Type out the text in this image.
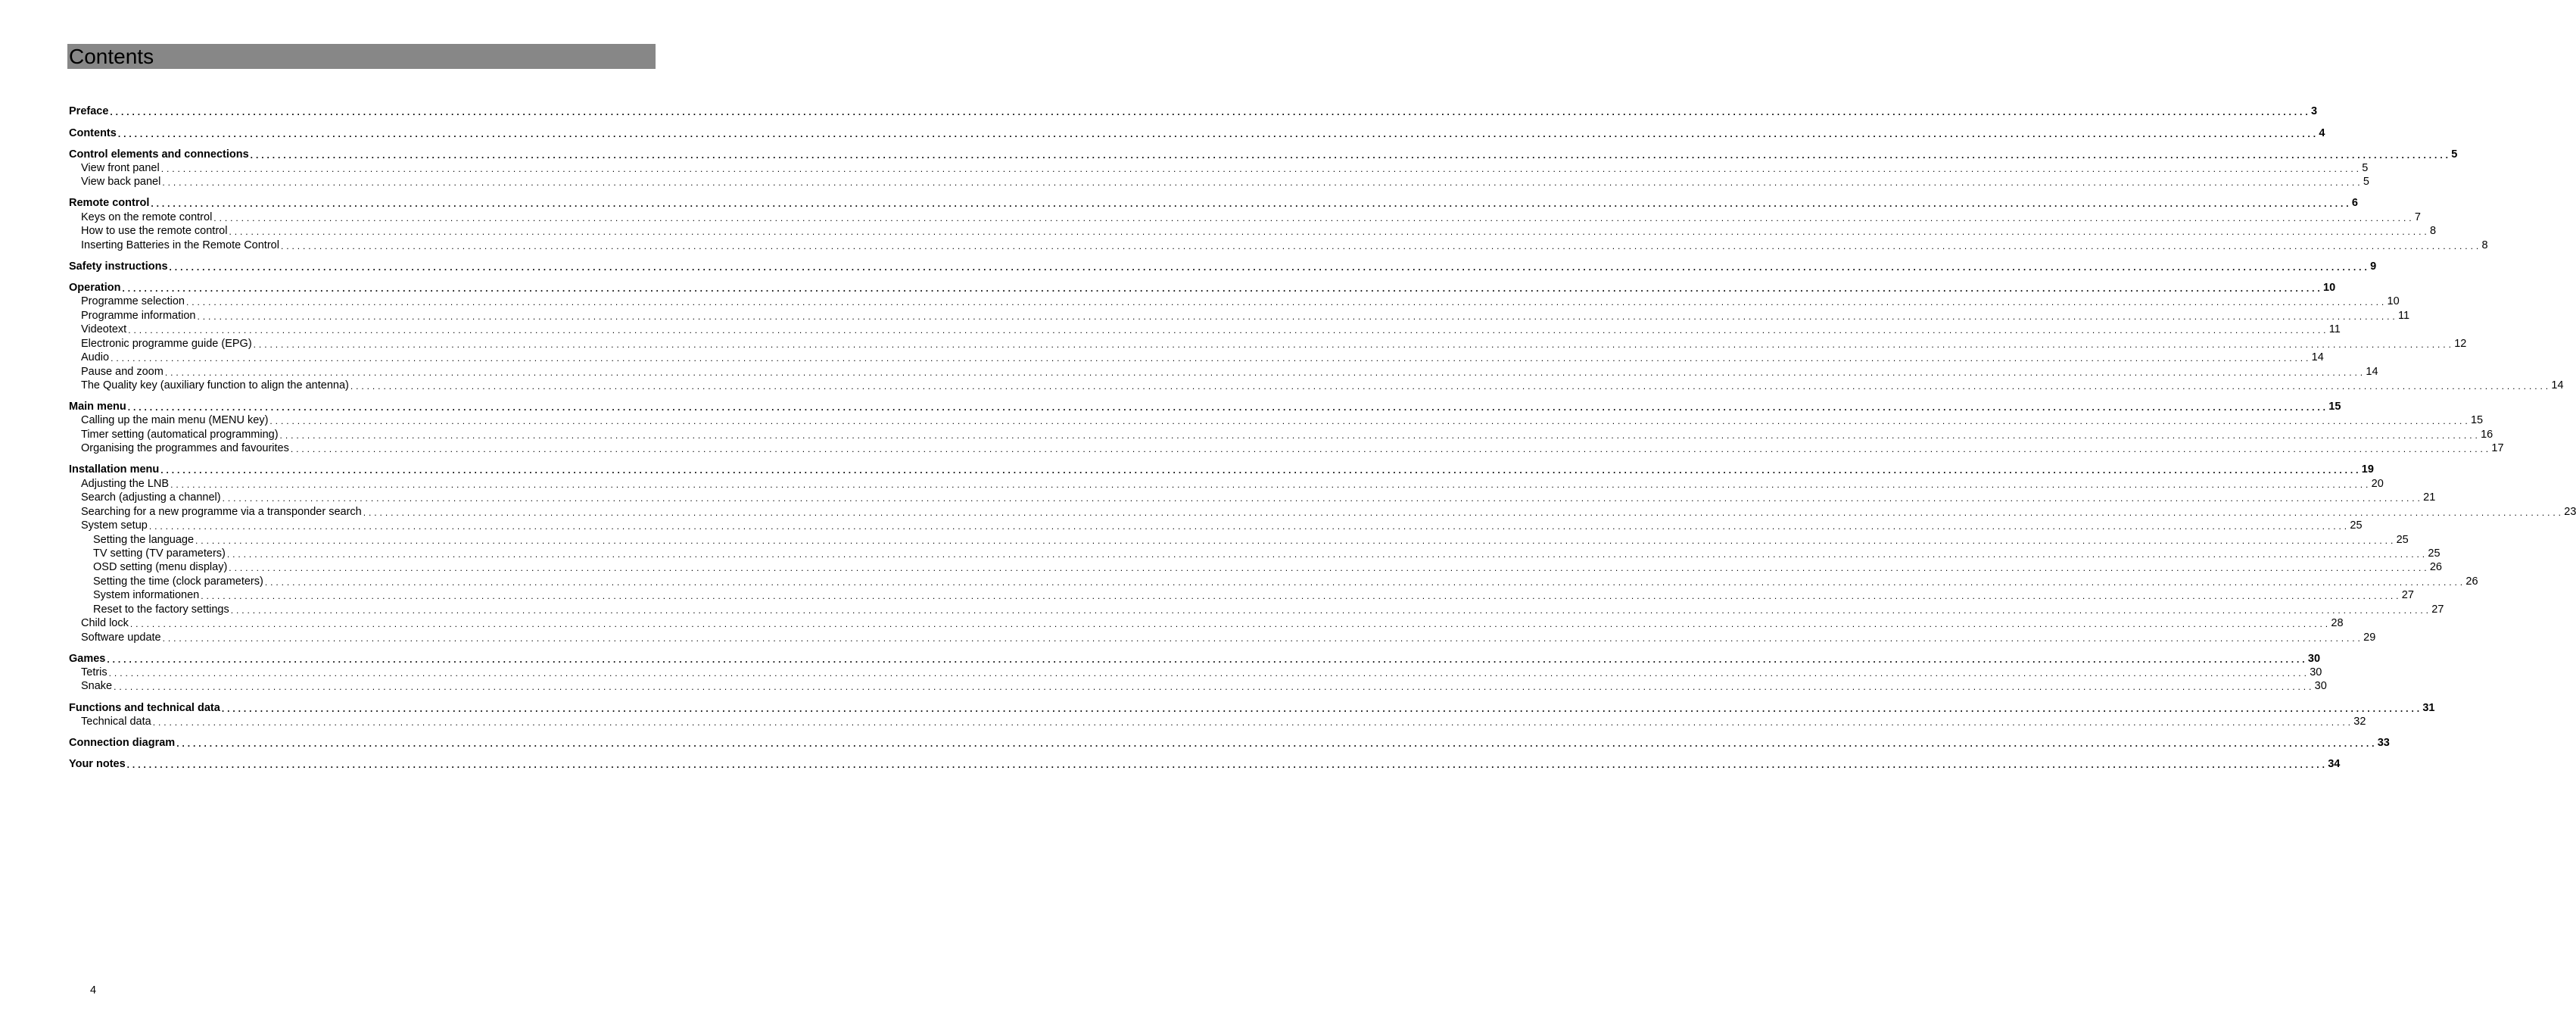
Contents
Preface . . . . . . . . . . . . . . . . . . . . . . . . . . . . . . . . . . . . . . . . . . . . . . . . . . . . . . . . . . . . . . . . . . . . . . . . . . . . . . . . . . . . . . . . . . . . . . . . . . . . . . . . . . . . . . . . . . . . . . . . . . . . . . . . . . . . . . . . . . . . . . . . . . . . . . . . . . . . . . . . . . . . . . . . . . . . . . . . . . . . . . . . . . . . . . . . . . . . . . . . . . . . . . . . . . . . . . . . . . . . . . . . . . . . . . . . . . . . . . . . . . . . . . . . . . . . . . . . . . . . . . . . . . . . . . . . . . . . . . . . . . . . . . . . . . . . . . . . . . . . . . . . . . . . . . . . . . . . . . . . . . . . . . . . . . . . . . . . . . . . . . . . . . . . . . . . . . . . . . . . . . . . . . . . . . . . . . . . . . . . . . . . . . . . . . . . . . . . . . . . 3
Contents . . . . . . . . . . . . . . . . . . . . . . . . . . . . . . . . . . . . . . . . . . . . . . . . . . . . . . . . . . . . . . . . . . . . . . . . . . . . . . . . . . . . . . . . . . . . . . . . . . . . . . . . . . . . . . . . . . . . . . . . . . . . . . . . . . . . . . . . . . . . . . . . . . . . . . . . . . . . . . . . . . . . . . . . . . . . . . . . . . . . . . . . . . . . . . . . . . . . . . . . . . . . . . . . . . . . . . . . . . . . . . . . . . . . . . . . . . . . . . . . . . . . . . . . . . . . . . . . . . . . . . . . . . . . . . . . . . . . . . . . . . . . . . . . . . . . . . . . . . . . . . . . . . . . . . . . . . . . . . . . . . . . . . . . . . . . . . . . . . . . . . . . . . . . . . . . . . . . . . . . . . . . . . . . . . . . . . . . . . . . . . . . . . . . . . . . . . . . . . . . 4
Control elements and connections . . . . . . . . . . . . . . . . . . . . . . . . . . . . . . . . . . . . . . . . . . . . . . . . . . . . . . . . . . . . . . . . . . . . . . . . . . . . . . . . . . . . . . . . . . . . . . . . . . . . . . . . . . . . . . . . . . . . . . . . . . . . . . . . . . . . . . . . . . . . . . . . . . . . . . . . . . . . . . . . . . . . . . . . . . . . . . . . . . . . . . . . . . . . . . . . . . . . . . . . . . . . . . . . . . . . . . . . . . . . . . . . . . . . . . . . . . . . . . . . . . . . . . . . . . . . . . . . . . . . . . . . . . . . . . . . . . . . . . . . . . . . . . . . . . . . . . . . . . . . . . . . . . . . . . . . . . . . . . . . . . . . . . . . . . . . . . . . . . . . . . . . . . . . . . . . . . . . . . . . . . . . . . . . . . . . . . . . . . . . . . . . . . . . . . . . . . . . . . . . 5
View front panel . . . . . . . . . . . . . . . . . . . . . . . . . . . . . . . . . . . . . . . . . . . . . . . . . . . . . . . . . . . . . . . . . . . . . . . . . . . . . . . . . . . . . . . . . . . . . . . . . . . . . . . . . . . . . . . . . . . . . . . . . . . . . . . . . . . . . . . . . . . . . . . . . . . . . . . . . . . . . . . . . . . . . . . . . . . . . . . . . . . . . . . . . . . . . . . . . . . . . . . . . . . . . . . . . . . . . . . . . . . . . . . . . . . . . . . . . . . . . . . . . . . . . . . . . . . . . . . . . . . . . . . . . . . . . . . . . . . . . . . . . . . . . . . . . . . . . . . . . . . . . . . . . . . . . . . . . . . . . . . . . . . . . . . . . . . . . . . . . . . . . . . . . . . . . . . . . . . . . . . . . . . . . . . . . . . . . . . . . . . . . . . . . . . . . . . . . . . . . . . . 5
View back panel . . . . . . . . . . . . . . . . . . . . . . . . . . . . . . . . . . . . . . . . . . . . . . . . . . . . . . . . . . . . . . . . . . . . . . . . . . . . . . . . . . . . . . . . . . . . . . . . . . . . . . . . . . . . . . . . . . . . . . . . . . . . . . . . . . . . . . . . . . . . . . . . . . . . . . . . . . . . . . . . . . . . . . . . . . . . . . . . . . . . . . . . . . . . . . . . . . . . . . . . . . . . . . . . . . . . . . . . . . . . . . . . . . . . . . . . . . . . . . . . . . . . . . . . . . . . . . . . . . . . . . . . . . . . . . . . . . . . . . . . . . . . . . . . . . . . . . . . . . . . . . . . . . . . . . . . . . . . . . . . . . . . . . . . . . . . . . . . . . . . . . . . . . . . . . . . . . . . . . . . . . . . . . . . . . . . . . . . . . . . . . . . . . . . . . . . . . . . . . . . 5
Remote control . . . . . . . . . . . . . . . . . . . . . . . . . . . . . . . . . . . . . . . . . . . . . . . . . . . . . . . . . . . . . . . . . . . . . . . . . . . . . . . . . . . . . . . . . . . . . . . . . . . . . . . . . . . . . . . . . . . . . . . . . . . . . . . . . . . . . . . . . . . . . . . . . . . . . . . . . . . . . . . . . . . . . . . . . . . . . . . . . . . . . . . . . . . . . . . . . . . . . . . . . . . . . . . . . . . . . . . . . . . . . . . . . . . . . . . . . . . . . . . . . . . . . . . . . . . . . . . . . . . . . . . . . . . . . . . . . . . . . . . . . . . . . . . . . . . . . . . . . . . . . . . . . . . . . . . . . . . . . . . . . . . . . . . . . . . . . . . . . . . . . . . . . . . . . . . . . . . . . . . . . . . . . . . . . . . . . . . . . . . . . . . . . . . . . . . . . . . . . . . . 6
Keys on the remote control . . . . . . . . . . . . . . . . . . . . . . . . . . . . . . . . . . . . . . . . . . . . . . . . . . . . . . . . . . . . . . . . . . . . . . . . . . . . . . . . . . . . . . . . . . . . . . . . . . . . . . . . . . . . . . . . . . . . . . . . . . . . . . . . . . . . . . . . . . . . . . . . . . . . . . . . . . . . . . . . . . . . . . . . . . . . . . . . . . . . . . . . . . . . . . . . . . . . . . . . . . . . . . . . . . . . . . . . . . . . . . . . . . . . . . . . . . . . . . . . . . . . . . . . . . . . . . . . . . . . . . . . . . . . . . . . . . . . . . . . . . . . . . . . . . . . . . . . . . . . . . . . . . . . . . . . . . . . . . . . . . . . . . . . . . . . . . . . . . . . . . . . . . . . . . . . . . . . . . . . . . . . . . . . . . . . . . . . . . . . . . . . . . . . . . . . . . . . . . . . 7
How to use the remote control . . . . . . . . . . . . . . . . . . . . . . . . . . . . . . . . . . . . . . . . . . . . . . . . . . . . . . . . . . . . . . . . . . . . . . . . . . . . . . . . . . . . . . . . . . . . . . . . . . . . . . . . . . . . . . . . . . . . . . . . . . . . . . . . . . . . . . . . . . . . . . . . . . . . . . . . . . . . . . . . . . . . . . . . . . . . . . . . . . . . . . . . . . . . . . . . . . . . . . . . . . . . . . . . . . . . . . . . . . . . . . . . . . . . . . . . . . . . . . . . . . . . . . . . . . . . . . . . . . . . . . . . . . . . . . . . . . . . . . . . . . . . . . . . . . . . . . . . . . . . . . . . . . . . . . . . . . . . . . . . . . . . . . . . . . . . . . . . . . . . . . . . . . . . . . . . . . . . . . . . . . . . . . . . . . . . . . . . . . . . . . . . . . . . . . . . . . . . . . . . 8
Inserting Batteries in the Remote Control . . . . . . . . . . . . . . . . . . . . . . . . . . . . . . . . . . . . . . . . . . . . . . . . . . . . . . . . . . . . . . . . . . . . . . . . . . . . . . . . . . . . . . . . . . . . . . . . . . . . . . . . . . . . . . . . . . . . . . . . . . . . . . . . . . . . . . . . . . . . . . . . . . . . . . . . . . . . . . . . . . . . . . . . . . . . . . . . . . . . . . . . . . . . . . . . . . . . . . . . . . . . . . . . . . . . . . . . . . . . . . . . . . . . . . . . . . . . . . . . . . . . . . . . . . . . . . . . . . . . . . . . . . . . . . . . . . . . . . . . . . . . . . . . . . . . . . . . . . . . . . . . . . . . . . . . . . . . . . . . . . . . . . . . . . . . . . . . . . . . . . . . . . . . . . . . . . . . . . . . . . . . . . . . . . . . . . . . . . . . . . . . . . . . . . . . . . . . . . . . 8
Safety instructions . . . . . . . . . . . . . . . . . . . . . . . . . . . . . . . . . . . . . . . . . . . . . . . . . . . . . . . . . . . . . . . . . . . . . . . . . . . . . . . . . . . . . . . . . . . . . . . . . . . . . . . . . . . . . . . . . . . . . . . . . . . . . . . . . . . . . . . . . . . . . . . . . . . . . . . . . . . . . . . . . . . . . . . . . . . . . . . . . . . . . . . . . . . . . . . . . . . . . . . . . . . . . . . . . . . . . . . . . . . . . . . . . . . . . . . . . . . . . . . . . . . . . . . . . . . . . . . . . . . . . . . . . . . . . . . . . . . . . . . . . . . . . . . . . . . . . . . . . . . . . . . . . . . . . . . . . . . . . . . . . . . . . . . . . . . . . . . . . . . . . . . . . . . . . . . . . . . . . . . . . . . . . . . . . . . . . . . . . . . . . . . . . . . . . . . . . . . . . . . . 9
Operation . . . . . . . . . . . . . . . . . . . . . . . . . . . . . . . . . . . . . . . . . . . . . . . . . . . . . . . . . . . . . . . . . . . . . . . . . . . . . . . . . . . . . . . . . . . . . . . . . . . . . . . . . . . . . . . . . . . . . . . . . . . . . . . . . . . . . . . . . . . . . . . . . . . . . . . . . . . . . . . . . . . . . . . . . . . . . . . . . . . . . . . . . . . . . . . . . . . . . . . . . . . . . . . . . . . . . . . . . . . . . . . . . . . . . . . . . . . . . . . . . . . . . . . . . . . . . . . . . . . . . . . . . . . . . . . . . . . . . . . . . . . . . . . . . . . . . . . . . . . . . . . . . . . . . . . . . . . . . . . . . . . . . . . . . . . . . . . . . . . . . . . . . . . . . . . . . . . . . . . . . . . . . . . . . . . . . . . . . . . . . . . . . . . . . . . . . . . . . . . . 10
Programme selection . . . . . . . . . . . . . . . . . . . . . . . . . . . . . . . . . . . . . . . . . . . . . . . . . . . . . . . . . . . . . . . . . . . . . . . . . . . . . . . . . . . . . . . . . . . . . . . . . . . . . . . . . . . . . . . . . . . . . . . . . . . . . . . . . . . . . . . . . . . . . . . . . . . . . . . . . . . . . . . . . . . . . . . . . . . . . . . . . . . . . . . . . . . . . . . . . . . . . . . . . . . . . . . . . . . . . . . . . . . . . . . . . . . . . . . . . . . . . . . . . . . . . . . . . . . . . . . . . . . . . . . . . . . . . . . . . . . . . . . . . . . . . . . . . . . . . . . . . . . . . . . . . . . . . . . . . . . . . . . . . . . . . . . . . . . . . . . . . . . . . . . . . . . . . . . . . . . . . . . . . . . . . . . . . . . . . . . . . . . . . . . . . . . . . . . . . . . . . . . . 10
Programme information . . . . . . . . . . . . . . . . . . . . . . . . . . . . . . . . . . . . . . . . . . . . . . . . . . . . . . . . . . . . . . . . . . . . . . . . . . . . . . . . . . . . . . . . . . . . . . . . . . . . . . . . . . . . . . . . . . . . . . . . . . . . . . . . . . . . . . . . . . . . . . . . . . . . . . . . . . . . . . . . . . . . . . . . . . . . . . . . . . . . . . . . . . . . . . . . . . . . . . . . . . . . . . . . . . . . . . . . . . . . . . . . . . . . . . . . . . . . . . . . . . . . . . . . . . . . . . . . . . . . . . . . . . . . . . . . . . . . . . . . . . . . . . . . . . . . . . . . . . . . . . . . . . . . . . . . . . . . . . . . . . . . . . . . . . . . . . . . . . . . . . . . . . . . . . . . . . . . . . . . . . . . . . . . . . . . . . . . . . . . . . . . . . . . . . . . . . . . . . . . 11
Videotext . . . . . . . . . . . . . . . . . . . . . . . . . . . . . . . . . . . . . . . . . . . . . . . . . . . . . . . . . . . . . . . . . . . . . . . . . . . . . . . . . . . . . . . . . . . . . . . . . . . . . . . . . . . . . . . . . . . . . . . . . . . . . . . . . . . . . . . . . . . . . . . . . . . . . . . . . . . . . . . . . . . . . . . . . . . . . . . . . . . . . . . . . . . . . . . . . . . . . . . . . . . . . . . . . . . . . . . . . . . . . . . . . . . . . . . . . . . . . . . . . . . . . . . . . . . . . . . . . . . . . . . . . . . . . . . . . . . . . . . . . . . . . . . . . . . . . . . . . . . . . . . . . . . . . . . . . . . . . . . . . . . . . . . . . . . . . . . . . . . . . . . . . . . . . . . . . . . . . . . . . . . . . . . . . . . . . . . . . . . . . . . . . . . . . . . . . . . . . . . . 11
Electronic programme guide (EPG) . . . . . . . . . . . . . . . . . . . . . . . . . . . . . . . . . . . . . . . . . . . . . . . . . . . . . . . . . . . . . . . . . . . . . . . . . . . . . . . . . . . . . . . . . . . . . . . . . . . . . . . . . . . . . . . . . . . . . . . . . . . . . . . . . . . . . . . . . . . . . . . . . . . . . . . . . . . . . . . . . . . . . . . . . . . . . . . . . . . . . . . . . . . . . . . . . . . . . . . . . . . . . . . . . . . . . . . . . . . . . . . . . . . . . . . . . . . . . . . . . . . . . . . . . . . . . . . . . . . . . . . . . . . . . . . . . . . . . . . . . . . . . . . . . . . . . . . . . . . . . . . . . . . . . . . . . . . . . . . . . . . . . . . . . . . . . . . . . . . . . . . . . . . . . . . . . . . . . . . . . . . . . . . . . . . . . . . . . . . . . . . . . . . . . . . . . . . . . . . . 12
Audio . . . . . . . . . . . . . . . . . . . . . . . . . . . . . . . . . . . . . . . . . . . . . . . . . . . . . . . . . . . . . . . . . . . . . . . . . . . . . . . . . . . . . . . . . . . . . . . . . . . . . . . . . . . . . . . . . . . . . . . . . . . . . . . . . . . . . . . . . . . . . . . . . . . . . . . . . . . . . . . . . . . . . . . . . . . . . . . . . . . . . . . . . . . . . . . . . . . . . . . . . . . . . . . . . . . . . . . . . . . . . . . . . . . . . . . . . . . . . . . . . . . . . . . . . . . . . . . . . . . . . . . . . . . . . . . . . . . . . . . . . . . . . . . . . . . . . . . . . . . . . . . . . . . . . . . . . . . . . . . . . . . . . . . . . . . . . . . . . . . . . . . . . . . . . . . . . . . . . . . . . . . . . . . . . . . . . . . . . . . . . . . . . . . . . . . . . . . . . . . . 14
Pause and zoom . . . . . . . . . . . . . . . . . . . . . . . . . . . . . . . . . . . . . . . . . . . . . . . . . . . . . . . . . . . . . . . . . . . . . . . . . . . . . . . . . . . . . . . . . . . . . . . . . . . . . . . . . . . . . . . . . . . . . . . . . . . . . . . . . . . . . . . . . . . . . . . . . . . . . . . . . . . . . . . . . . . . . . . . . . . . . . . . . . . . . . . . . . . . . . . . . . . . . . . . . . . . . . . . . . . . . . . . . . . . . . . . . . . . . . . . . . . . . . . . . . . . . . . . . . . . . . . . . . . . . . . . . . . . . . . . . . . . . . . . . . . . . . . . . . . . . . . . . . . . . . . . . . . . . . . . . . . . . . . . . . . . . . . . . . . . . . . . . . . . . . . . . . . . . . . . . . . . . . . . . . . . . . . . . . . . . . . . . . . . . . . . . . . . . . . . . . . . . . . . 14
The Quality key (auxiliary function to align the antenna) . . . . . . . . . . . . . . . . . . . . . . . . . . . . . . . . . . . . . . . . . . . . . . . . . . . . . . . . . . . . . . . . . . . . . . . . . . . . . . . . . . . . . . . . . . . . . . . . . . . . . . . . . . . . . . . . . . . . . . . . . . . . . . . . . . . . . . . . . . . . . . . . . . . . . . . . . . . . . . . . . . . . . . . . . . . . . . . . . . . . . . . . . . . . . . . . . . . . . . . . . . . . . . . . . . . . . . . . . . . . . . . . . . . . . . . . . . . . . . . . . . . . . . . . . . . . . . . . . . . . . . . . . . . . . . . . . . . . . . . . . . . . . . . . . . . . . . . . . . . . . . . . . . . . . . . . . . . . . . . . . . . . . . . . . . . . . . . . . . . . . . . . . . . . . . . . . . . . . . . . . . . . . . . . . . . . . . . . . . . . . . . . . . . . . . . . . . . . . . . . 14
Main menu . . . . . . . . . . . . . . . . . . . . . . . . . . . . . . . . . . . . . . . . . . . . . . . . . . . . . . . . . . . . . . . . . . . . . . . . . . . . . . . . . . . . . . . . . . . . . . . . . . . . . . . . . . . . . . . . . . . . . . . . . . . . . . . . . . . . . . . . . . . . . . . . . . . . . . . . . . . . . . . . . . . . . . . . . . . . . . . . . . . . . . . . . . . . . . . . . . . . . . . . . . . . . . . . . . . . . . . . . . . . . . . . . . . . . . . . . . . . . . . . . . . . . . . . . . . . . . . . . . . . . . . . . . . . . . . . . . . . . . . . . . . . . . . . . . . . . . . . . . . . . . . . . . . . . . . . . . . . . . . . . . . . . . . . . . . . . . . . . . . . . . . . . . . . . . . . . . . . . . . . . . . . . . . . . . . . . . . . . . . . . . . . . . . . . . . . . . . . . . . . 15
Calling up the main menu (MENU key) . . . . . . . . . . . . . . . . . . . . . . . . . . . . . . . . . . . . . . . . . . . . . . . . . . . . . . . . . . . . . . . . . . . . . . . . . . . . . . . . . . . . . . . . . . . . . . . . . . . . . . . . . . . . . . . . . . . . . . . . . . . . . . . . . . . . . . . . . . . . . . . . . . . . . . . . . . . . . . . . . . . . . . . . . . . . . . . . . . . . . . . . . . . . . . . . . . . . . . . . . . . . . . . . . . . . . . . . . . . . . . . . . . . . . . . . . . . . . . . . . . . . . . . . . . . . . . . . . . . . . . . . . . . . . . . . . . . . . . . . . . . . . . . . . . . . . . . . . . . . . . . . . . . . . . . . . . . . . . . . . . . . . . . . . . . . . . . . . . . . . . . . . . . . . . . . . . . . . . . . . . . . . . . . . . . . . . . . . . . . . . . . . . . . . . . . . . . . . . . . 15
Timer setting (automatical programming) . . . . . . . . . . . . . . . . . . . . . . . . . . . . . . . . . . . . . . . . . . . . . . . . . . . . . . . . . . . . . . . . . . . . . . . . . . . . . . . . . . . . . . . . . . . . . . . . . . . . . . . . . . . . . . . . . . . . . . . . . . . . . . . . . . . . . . . . . . . . . . . . . . . . . . . . . . . . . . . . . . . . . . . . . . . . . . . . . . . . . . . . . . . . . . . . . . . . . . . . . . . . . . . . . . . . . . . . . . . . . . . . . . . . . . . . . . . . . . . . . . . . . . . . . . . . . . . . . . . . . . . . . . . . . . . . . . . . . . . . . . . . . . . . . . . . . . . . . . . . . . . . . . . . . . . . . . . . . . . . . . . . . . . . . . . . . . . . . . . . . . . . . . . . . . . . . . . . . . . . . . . . . . . . . . . . . . . . . . . . . . . . . . . . . . . . . . . . . . . . 16
Organising the programmes and favourites . . . . . . . . . . . . . . . . . . . . . . . . . . . . . . . . . . . . . . . . . . . . . . . . . . . . . . . . . . . . . . . . . . . . . . . . . . . . . . . . . . . . . . . . . . . . . . . . . . . . . . . . . . . . . . . . . . . . . . . . . . . . . . . . . . . . . . . . . . . . . . . . . . . . . . . . . . . . . . . . . . . . . . . . . . . . . . . . . . . . . . . . . . . . . . . . . . . . . . . . . . . . . . . . . . . . . . . . . . . . . . . . . . . . . . . . . . . . . . . . . . . . . . . . . . . . . . . . . . . . . . . . . . . . . . . . . . . . . . . . . . . . . . . . . . . . . . . . . . . . . . . . . . . . . . . . . . . . . . . . . . . . . . . . . . . . . . . . . . . . . . . . . . . . . . . . . . . . . . . . . . . . . . . . . . . . . . . . . . . . . . . . . . . . . . . . . . . . . . . . 17
Installation menu . . . . . . . . . . . . . . . . . . . . . . . . . . . . . . . . . . . . . . . . . . . . . . . . . . . . . . . . . . . . . . . . . . . . . . . . . . . . . . . . . . . . . . . . . . . . . . . . . . . . . . . . . . . . . . . . . . . . . . . . . . . . . . . . . . . . . . . . . . . . . . . . . . . . . . . . . . . . . . . . . . . . . . . . . . . . . . . . . . . . . . . . . . . . . . . . . . . . . . . . . . . . . . . . . . . . . . . . . . . . . . . . . . . . . . . . . . . . . . . . . . . . . . . . . . . . . . . . . . . . . . . . . . . . . . . . . . . . . . . . . . . . . . . . . . . . . . . . . . . . . . . . . . . . . . . . . . . . . . . . . . . . . . . . . . . . . . . . . . . . . . . . . . . . . . . . . . . . . . . . . . . . . . . . . . . . . . . . . . . . . . . . . . . . . . . . . . . . . . . . 19
Adjusting the LNB . . . . . . . . . . . . . . . . . . . . . . . . . . . . . . . . . . . . . . . . . . . . . . . . . . . . . . . . . . . . . . . . . . . . . . . . . . . . . . . . . . . . . . . . . . . . . . . . . . . . . . . . . . . . . . . . . . . . . . . . . . . . . . . . . . . . . . . . . . . . . . . . . . . . . . . . . . . . . . . . . . . . . . . . . . . . . . . . . . . . . . . . . . . . . . . . . . . . . . . . . . . . . . . . . . . . . . . . . . . . . . . . . . . . . . . . . . . . . . . . . . . . . . . . . . . . . . . . . . . . . . . . . . . . . . . . . . . . . . . . . . . . . . . . . . . . . . . . . . . . . . . . . . . . . . . . . . . . . . . . . . . . . . . . . . . . . . . . . . . . . . . . . . . . . . . . . . . . . . . . . . . . . . . . . . . . . . . . . . . . . . . . . . . . . . . . . . . . . . . . 20
Search (adjusting a channel) . . . . . . . . . . . . . . . . . . . . . . . . . . . . . . . . . . . . . . . . . . . . . . . . . . . . . . . . . . . . . . . . . . . . . . . . . . . . . . . . . . . . . . . . . . . . . . . . . . . . . . . . . . . . . . . . . . . . . . . . . . . . . . . . . . . . . . . . . . . . . . . . . . . . . . . . . . . . . . . . . . . . . . . . . . . . . . . . . . . . . . . . . . . . . . . . . . . . . . . . . . . . . . . . . . . . . . . . . . . . . . . . . . . . . . . . . . . . . . . . . . . . . . . . . . . . . . . . . . . . . . . . . . . . . . . . . . . . . . . . . . . . . . . . . . . . . . . . . . . . . . . . . . . . . . . . . . . . . . . . . . . . . . . . . . . . . . . . . . . . . . . . . . . . . . . . . . . . . . . . . . . . . . . . . . . . . . . . . . . . . . . . . . . . . . . . . . . . . . . . 21
Searching for a new programme via a transponder search . . . . . . . . . . . . . . . . . . . . . . . . . . . . . . . . . . . . . . . . . . . . . . . . . . . . . . . . . . . . . . . . . . . . . . . . . . . . . . . . . . . . . . . . . . . . . . . . . . . . . . . . . . . . . . . . . . . . . . . . . . . . . . . . . . . . . . . . . . . . . . . . . . . . . . . . . . . . . . . . . . . . . . . . . . . . . . . . . . . . . . . . . . . . . . . . . . . . . . . . . . . . . . . . . . . . . . . . . . . . . . . . . . . . . . . . . . . . . . . . . . . . . . . . . . . . . . . . . . . . . . . . . . . . . . . . . . . . . . . . . . . . . . . . . . . . . . . . . . . . . . . . . . . . . . . . . . . . . . . . . . . . . . . . . . . . . . . . . . . . . . . . . . . . . . . . . . . . . . . . . . . . . . . . . . . . . . . . . . . . . . . . . . . . . . . . . . . . . . . . 23
System setup . . . . . . . . . . . . . . . . . . . . . . . . . . . . . . . . . . . . . . . . . . . . . . . . . . . . . . . . . . . . . . . . . . . . . . . . . . . . . . . . . . . . . . . . . . . . . . . . . . . . . . . . . . . . . . . . . . . . . . . . . . . . . . . . . . . . . . . . . . . . . . . . . . . . . . . . . . . . . . . . . . . . . . . . . . . . . . . . . . . . . . . . . . . . . . . . . . . . . . . . . . . . . . . . . . . . . . . . . . . . . . . . . . . . . . . . . . . . . . . . . . . . . . . . . . . . . . . . . . . . . . . . . . . . . . . . . . . . . . . . . . . . . . . . . . . . . . . . . . . . . . . . . . . . . . . . . . . . . . . . . . . . . . . . . . . . . . . . . . . . . . . . . . . . . . . . . . . . . . . . . . . . . . . . . . . . . . . . . . . . . . . . . . . . . . . . . . . . . . . . 25
Setting the language . . . . . . . . . . . . . . . . . . . . . . . . . . . . . . . . . . . . . . . . . . . . . . . . . . . . . . . . . . . . . . . . . . . . . . . . . . . . . . . . . . . . . . . . . . . . . . . . . . . . . . . . . . . . . . . . . . . . . . . . . . . . . . . . . . . . . . . . . . . . . . . . . . . . . . . . . . . . . . . . . . . . . . . . . . . . . . . . . . . . . . . . . . . . . . . . . . . . . . . . . . . . . . . . . . . . . . . . . . . . . . . . . . . . . . . . . . . . . . . . . . . . . . . . . . . . . . . . . . . . . . . . . . . . . . . . . . . . . . . . . . . . . . . . . . . . . . . . . . . . . . . . . . . . . . . . . . . . . . . . . . . . . . . . . . . . . . . . . . . . . . . . . . . . . . . . . . . . . . . . . . . . . . . . . . . . . . . . . . . . . . . . . . . . . . . . . . . . . . . . 25
TV setting (TV parameters) . . . . . . . . . . . . . . . . . . . . . . . . . . . . . . . . . . . . . . . . . . . . . . . . . . . . . . . . . . . . . . . . . . . . . . . . . . . . . . . . . . . . . . . . . . . . . . . . . . . . . . . . . . . . . . . . . . . . . . . . . . . . . . . . . . . . . . . . . . . . . . . . . . . . . . . . . . . . . . . . . . . . . . . . . . . . . . . . . . . . . . . . . . . . . . . . . . . . . . . . . . . . . . . . . . . . . . . . . . . . . . . . . . . . . . . . . . . . . . . . . . . . . . . . . . . . . . . . . . . . . . . . . . . . . . . . . . . . . . . . . . . . . . . . . . . . . . . . . . . . . . . . . . . . . . . . . . . . . . . . . . . . . . . . . . . . . . . . . . . . . . . . . . . . . . . . . . . . . . . . . . . . . . . . . . . . . . . . . . . . . . . . . . . . . . . . . . . . . . . . 25
OSD setting (menu display) . . . . . . . . . . . . . . . . . . . . . . . . . . . . . . . . . . . . . . . . . . . . . . . . . . . . . . . . . . . . . . . . . . . . . . . . . . . . . . . . . . . . . . . . . . . . . . . . . . . . . . . . . . . . . . . . . . . . . . . . . . . . . . . . . . . . . . . . . . . . . . . . . . . . . . . . . . . . . . . . . . . . . . . . . . . . . . . . . . . . . . . . . . . . . . . . . . . . . . . . . . . . . . . . . . . . . . . . . . . . . . . . . . . . . . . . . . . . . . . . . . . . . . . . . . . . . . . . . . . . . . . . . . . . . . . . . . . . . . . . . . . . . . . . . . . . . . . . . . . . . . . . . . . . . . . . . . . . . . . . . . . . . . . . . . . . . . . . . . . . . . . . . . . . . . . . . . . . . . . . . . . . . . . . . . . . . . . . . . . . . . . . . . . . . . . . . . . . . . . . 26
Setting the time (clock parameters) . . . . . . . . . . . . . . . . . . . . . . . . . . . . . . . . . . . . . . . . . . . . . . . . . . . . . . . . . . . . . . . . . . . . . . . . . . . . . . . . . . . . . . . . . . . . . . . . . . . . . . . . . . . . . . . . . . . . . . . . . . . . . . . . . . . . . . . . . . . . . . . . . . . . . . . . . . . . . . . . . . . . . . . . . . . . . . . . . . . . . . . . . . . . . . . . . . . . . . . . . . . . . . . . . . . . . . . . . . . . . . . . . . . . . . . . . . . . . . . . . . . . . . . . . . . . . . . . . . . . . . . . . . . . . . . . . . . . . . . . . . . . . . . . . . . . . . . . . . . . . . . . . . . . . . . . . . . . . . . . . . . . . . . . . . . . . . . . . . . . . . . . . . . . . . . . . . . . . . . . . . . . . . . . . . . . . . . . . . . . . . . . . . . . . . . . . . . . . . . . 26
System informationen . . . . . . . . . . . . . . . . . . . . . . . . . . . . . . . . . . . . . . . . . . . . . . . . . . . . . . . . . . . . . . . . . . . . . . . . . . . . . . . . . . . . . . . . . . . . . . . . . . . . . . . . . . . . . . . . . . . . . . . . . . . . . . . . . . . . . . . . . . . . . . . . . . . . . . . . . . . . . . . . . . . . . . . . . . . . . . . . . . . . . . . . . . . . . . . . . . . . . . . . . . . . . . . . . . . . . . . . . . . . . . . . . . . . . . . . . . . . . . . . . . . . . . . . . . . . . . . . . . . . . . . . . . . . . . . . . . . . . . . . . . . . . . . . . . . . . . . . . . . . . . . . . . . . . . . . . . . . . . . . . . . . . . . . . . . . . . . . . . . . . . . . . . . . . . . . . . . . . . . . . . . . . . . . . . . . . . . . . . . . . . . . . . . . . . . . . . . . . . . . 27
Reset to the factory settings . . . . . . . . . . . . . . . . . . . . . . . . . . . . . . . . . . . . . . . . . . . . . . . . . . . . . . . . . . . . . . . . . . . . . . . . . . . . . . . . . . . . . . . . . . . . . . . . . . . . . . . . . . . . . . . . . . . . . . . . . . . . . . . . . . . . . . . . . . . . . . . . . . . . . . . . . . . . . . . . . . . . . . . . . . . . . . . . . . . . . . . . . . . . . . . . . . . . . . . . . . . . . . . . . . . . . . . . . . . . . . . . . . . . . . . . . . . . . . . . . . . . . . . . . . . . . . . . . . . . . . . . . . . . . . . . . . . . . . . . . . . . . . . . . . . . . . . . . . . . . . . . . . . . . . . . . . . . . . . . . . . . . . . . . . . . . . . . . . . . . . . . . . . . . . . . . . . . . . . . . . . . . . . . . . . . . . . . . . . . . . . . . . . . . . . . . . . . . . . . 27
Child lock . . . . . . . . . . . . . . . . . . . . . . . . . . . . . . . . . . . . . . . . . . . . . . . . . . . . . . . . . . . . . . . . . . . . . . . . . . . . . . . . . . . . . . . . . . . . . . . . . . . . . . . . . . . . . . . . . . . . . . . . . . . . . . . . . . . . . . . . . . . . . . . . . . . . . . . . . . . . . . . . . . . . . . . . . . . . . . . . . . . . . . . . . . . . . . . . . . . . . . . . . . . . . . . . . . . . . . . . . . . . . . . . . . . . . . . . . . . . . . . . . . . . . . . . . . . . . . . . . . . . . . . . . . . . . . . . . . . . . . . . . . . . . . . . . . . . . . . . . . . . . . . . . . . . . . . . . . . . . . . . . . . . . . . . . . . . . . . . . . . . . . . . . . . . . . . . . . . . . . . . . . . . . . . . . . . . . . . . . . . . . . . . . . . . . . . . . . . . . . . . 28
Software update . . . . . . . . . . . . . . . . . . . . . . . . . . . . . . . . . . . . . . . . . . . . . . . . . . . . . . . . . . . . . . . . . . . . . . . . . . . . . . . . . . . . . . . . . . . . . . . . . . . . . . . . . . . . . . . . . . . . . . . . . . . . . . . . . . . . . . . . . . . . . . . . . . . . . . . . . . . . . . . . . . . . . . . . . . . . . . . . . . . . . . . . . . . . . . . . . . . . . . . . . . . . . . . . . . . . . . . . . . . . . . . . . . . . . . . . . . . . . . . . . . . . . . . . . . . . . . . . . . . . . . . . . . . . . . . . . . . . . . . . . . . . . . . . . . . . . . . . . . . . . . . . . . . . . . . . . . . . . . . . . . . . . . . . . . . . . . . . . . . . . . . . . . . . . . . . . . . . . . . . . . . . . . . . . . . . . . . . . . . . . . . . . . . . . . . . . . . . . . . . 29
Games . . . . . . . . . . . . . . . . . . . . . . . . . . . . . . . . . . . . . . . . . . . . . . . . . . . . . . . . . . . . . . . . . . . . . . . . . . . . . . . . . . . . . . . . . . . . . . . . . . . . . . . . . . . . . . . . . . . . . . . . . . . . . . . . . . . . . . . . . . . . . . . . . . . . . . . . . . . . . . . . . . . . . . . . . . . . . . . . . . . . . . . . . . . . . . . . . . . . . . . . . . . . . . . . . . . . . . . . . . . . . . . . . . . . . . . . . . . . . . . . . . . . . . . . . . . . . . . . . . . . . . . . . . . . . . . . . . . . . . . . . . . . . . . . . . . . . . . . . . . . . . . . . . . . . . . . . . . . . . . . . . . . . . . . . . . . . . . . . . . . . . . . . . . . . . . . . . . . . . . . . . . . . . . . . . . . . . . . . . . . . . . . . . . . . . . . . . . . . . . . 30
Tetris . . . . . . . . . . . . . . . . . . . . . . . . . . . . . . . . . . . . . . . . . . . . . . . . . . . . . . . . . . . . . . . . . . . . . . . . . . . . . . . . . . . . . . . . . . . . . . . . . . . . . . . . . . . . . . . . . . . . . . . . . . . . . . . . . . . . . . . . . . . . . . . . . . . . . . . . . . . . . . . . . . . . . . . . . . . . . . . . . . . . . . . . . . . . . . . . . . . . . . . . . . . . . . . . . . . . . . . . . . . . . . . . . . . . . . . . . . . . . . . . . . . . . . . . . . . . . . . . . . . . . . . . . . . . . . . . . . . . . . . . . . . . . . . . . . . . . . . . . . . . . . . . . . . . . . . . . . . . . . . . . . . . . . . . . . . . . . . . . . . . . . . . . . . . . . . . . . . . . . . . . . . . . . . . . . . . . . . . . . . . . . . . . . . . . . . . . . . . . . . . 30
Snake . . . . . . . . . . . . . . . . . . . . . . . . . . . . . . . . . . . . . . . . . . . . . . . . . . . . . . . . . . . . . . . . . . . . . . . . . . . . . . . . . . . . . . . . . . . . . . . . . . . . . . . . . . . . . . . . . . . . . . . . . . . . . . . . . . . . . . . . . . . . . . . . . . . . . . . . . . . . . . . . . . . . . . . . . . . . . . . . . . . . . . . . . . . . . . . . . . . . . . . . . . . . . . . . . . . . . . . . . . . . . . . . . . . . . . . . . . . . . . . . . . . . . . . . . . . . . . . . . . . . . . . . . . . . . . . . . . . . . . . . . . . . . . . . . . . . . . . . . . . . . . . . . . . . . . . . . . . . . . . . . . . . . . . . . . . . . . . . . . . . . . . . . . . . . . . . . . . . . . . . . . . . . . . . . . . . . . . . . . . . . . . . . . . . . . . . . . . . . . . . 30
Functions and technical data . . . . . . . . . . . . . . . . . . . . . . . . . . . . . . . . . . . . . . . . . . . . . . . . . . . . . . . . . . . . . . . . . . . . . . . . . . . . . . . . . . . . . . . . . . . . . . . . . . . . . . . . . . . . . . . . . . . . . . . . . . . . . . . . . . . . . . . . . . . . . . . . . . . . . . . . . . . . . . . . . . . . . . . . . . . . . . . . . . . . . . . . . . . . . . . . . . . . . . . . . . . . . . . . . . . . . . . . . . . . . . . . . . . . . . . . . . . . . . . . . . . . . . . . . . . . . . . . . . . . . . . . . . . . . . . . . . . . . . . . . . . . . . . . . . . . . . . . . . . . . . . . . . . . . . . . . . . . . . . . . . . . . . . . . . . . . . . . . . . . . . . . . . . . . . . . . . . . . . . . . . . . . . . . . . . . . . . . . . . . . . . . . . . . . . . . . . . . . . . . 31
Technical data . . . . . . . . . . . . . . . . . . . . . . . . . . . . . . . . . . . . . . . . . . . . . . . . . . . . . . . . . . . . . . . . . . . . . . . . . . . . . . . . . . . . . . . . . . . . . . . . . . . . . . . . . . . . . . . . . . . . . . . . . . . . . . . . . . . . . . . . . . . . . . . . . . . . . . . . . . . . . . . . . . . . . . . . . . . . . . . . . . . . . . . . . . . . . . . . . . . . . . . . . . . . . . . . . . . . . . . . . . . . . . . . . . . . . . . . . . . . . . . . . . . . . . . . . . . . . . . . . . . . . . . . . . . . . . . . . . . . . . . . . . . . . . . . . . . . . . . . . . . . . . . . . . . . . . . . . . . . . . . . . . . . . . . . . . . . . . . . . . . . . . . . . . . . . . . . . . . . . . . . . . . . . . . . . . . . . . . . . . . . . . . . . . . . . . . . . . . . . . . . 32
Connection diagram . . . . . . . . . . . . . . . . . . . . . . . . . . . . . . . . . . . . . . . . . . . . . . . . . . . . . . . . . . . . . . . . . . . . . . . . . . . . . . . . . . . . . . . . . . . . . . . . . . . . . . . . . . . . . . . . . . . . . . . . . . . . . . . . . . . . . . . . . . . . . . . . . . . . . . . . . . . . . . . . . . . . . . . . . . . . . . . . . . . . . . . . . . . . . . . . . . . . . . . . . . . . . . . . . . . . . . . . . . . . . . . . . . . . . . . . . . . . . . . . . . . . . . . . . . . . . . . . . . . . . . . . . . . . . . . . . . . . . . . . . . . . . . . . . . . . . . . . . . . . . . . . . . . . . . . . . . . . . . . . . . . . . . . . . . . . . . . . . . . . . . . . . . . . . . . . . . . . . . . . . . . . . . . . . . . . . . . . . . . . . . . . . . . . . . . . . . . . . . . . 33
Your notes . . . . . . . . . . . . . . . . . . . . . . . . . . . . . . . . . . . . . . . . . . . . . . . . . . . . . . . . . . . . . . . . . . . . . . . . . . . . . . . . . . . . . . . . . . . . . . . . . . . . . . . . . . . . . . . . . . . . . . . . . . . . . . . . . . . . . . . . . . . . . . . . . . . . . . . . . . . . . . . . . . . . . . . . . . . . . . . . . . . . . . . . . . . . . . . . . . . . . . . . . . . . . . . . . . . . . . . . . . . . . . . . . . . . . . . . . . . . . . . . . . . . . . . . . . . . . . . . . . . . . . . . . . . . . . . . . . . . . . . . . . . . . . . . . . . . . . . . . . . . . . . . . . . . . . . . . . . . . . . . . . . . . . . . . . . . . . . . . . . . . . . . . . . . . . . . . . . . . . . . . . . . . . . . . . . . . . . . . . . . . . . . . . . . . . . . . . . . . . . . 34
4
